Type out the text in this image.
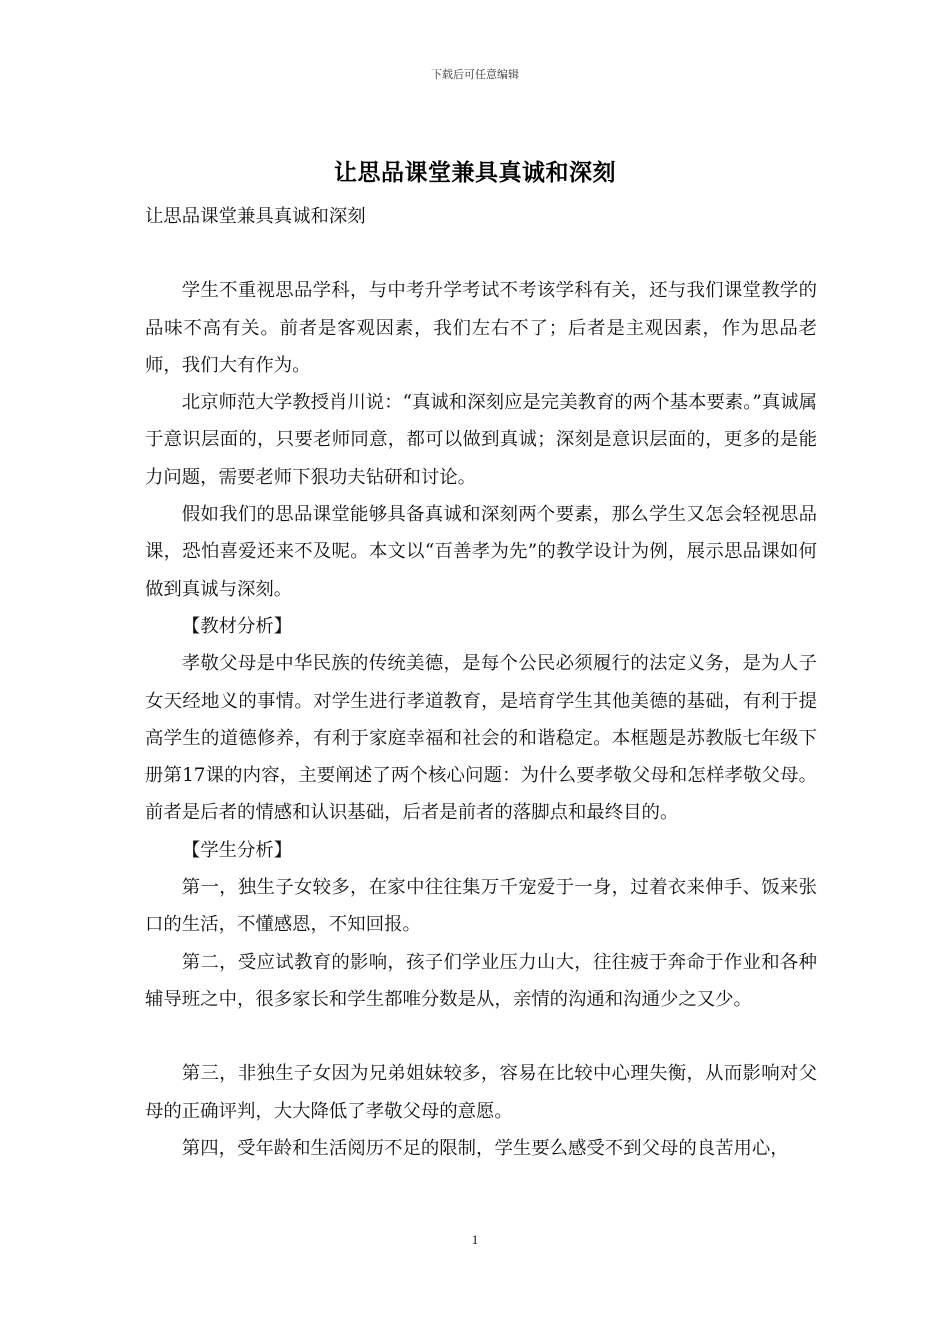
下载后可任意编辑
让思品课堂兼具真诚和深刻

让思品课堂兼具真诚和深刻

学生不重视思品学科，与中考升学考试不考该学科有关，还与我们课堂教学的品味不高有关。前者是客观因素，我们左右不了；后者是主观因素，作为思品老师，我们大有作为。

北京师范大学教授肖川说：“真诚和深刻应是完美教育的两个基本要素。”真诚属于意识层面的，只要老师同意，都可以做到真诚；深刻是意识层面的，更多的是能力问题，需要老师下狠功夫钻研和讨论。

假如我们的思品课堂能够具备真诚和深刻两个要素，那么学生又怎会轻视思品课，恐怕喜爱还来不及呢。本文以“百善孝为先”的教学设计为例，展示思品课如何做到真诚与深刻。

【教材分析】

孝敬父母是中华民族的传统美德，是每个公民必须履行的法定义务，是为人子女天经地义的事情。对学生进行孝道教育，是培育学生其他美德的基础，有利于提高学生的道德修养，有利于家庭幸福和社会的和谐稳定。本框题是苏教版七年级下册第17课的内容，主要阐述了两个核心问题：为什么要孝敬父母和怎样孝敬父母。前者是后者的情感和认识基础，后者是前者的落脚点和最终目的。

【学生分析】

第一，独生子女较多，在家中往往集万千宠爱于一身，过着衣来伸手、饭来张口的生活，不懂感恩，不知回报。

第二，受应试教育的影响，孩子们学业压力山大，往往疲于奔命于作业和各种辅导班之中，很多家长和学生都唯分数是从，亲情的沟通和沟通少之又少。

第三，非独生子女因为兄弟姐妹较多，容易在比较中心理失衡，从而影响对父母的正确评判，大大降低了孝敬父母的意愿。

第四，受年龄和生活阅历不足的限制，学生要么感受不到父母的良苦用心，

1
